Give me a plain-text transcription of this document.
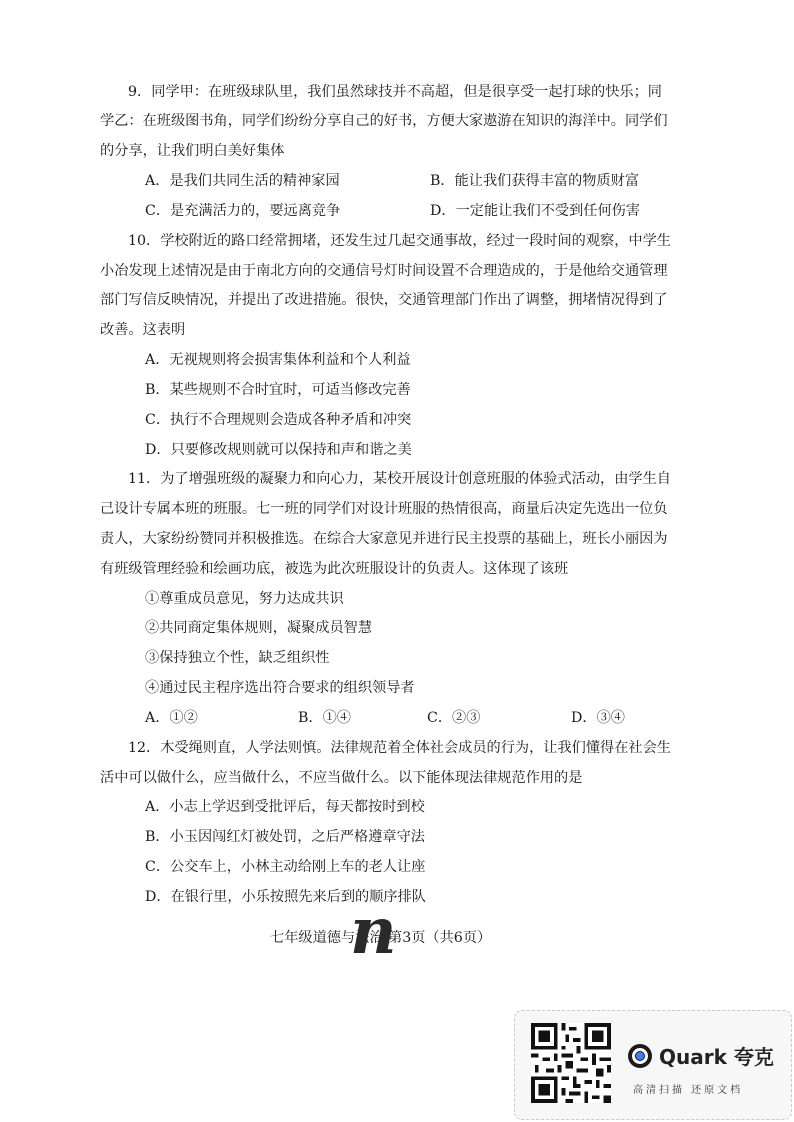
9．同学甲：在班级球队里，我们虽然球技并不高超，但是很享受一起打球的快乐；同
学乙：在班级图书角，同学们纷纷分享自己的好书，方便大家遨游在知识的海洋中。同学们
的分享，让我们明白美好集体
A．是我们共同生活的精神家园	B．能让我们获得丰富的物质财富
C．是充满活力的，要远离竞争	D．一定能让我们不受到任何伤害
10．学校附近的路口经常拥堵，还发生过几起交通事故，经过一段时间的观察，中学生
小冶发现上述情况是由于南北方向的交通信号灯时间设置不合理造成的，于是他给交通管理
部门写信反映情况，并提出了改进措施。很快，交通管理部门作出了调整，拥堵情况得到了
改善。这表明
A．无视规则将会损害集体利益和个人利益
B．某些规则不合时宜时，可适当修改完善
C．执行不合理规则会造成各种矛盾和冲突
D．只要修改规则就可以保持和声和谐之美
11．为了增强班级的凝聚力和向心力，某校开展设计创意班服的体验式活动，由学生自
己设计专属本班的班服。七一班的同学们对设计班服的热情很高，商量后决定先选出一位负
责人，大家纷纷赞同并积极推选。在综合大家意见并进行民主投票的基础上，班长小丽因为
有班级管理经验和绘画功底，被选为此次班服设计的负责人。这体现了该班
①尊重成员意见，努力达成共识
②共同商定集体规则，凝聚成员智慧
③保持独立个性，缺乏组织性
④通过民主程序选出符合要求的组织领导者
A．①②	B．①④	C．②③	D．③④
12．木受绳则直，人学法则慎。法律规范着全体社会成员的行为，让我们懂得在社会生
活中可以做什么，应当做什么，不应当做什么。以下能体现法律规范作用的是
A．小志上学迟到受批评后，每天都按时到校
B．小玉因闯红灯被处罚，之后严格遵章守法
C．公交车上，小林主动给刚上车的老人让座
D．在银行里，小乐按照先来后到的顺序排队
七年级道德与法治 第3页（共6页）
n
Quark 夸克
高清扫描 还原文档
